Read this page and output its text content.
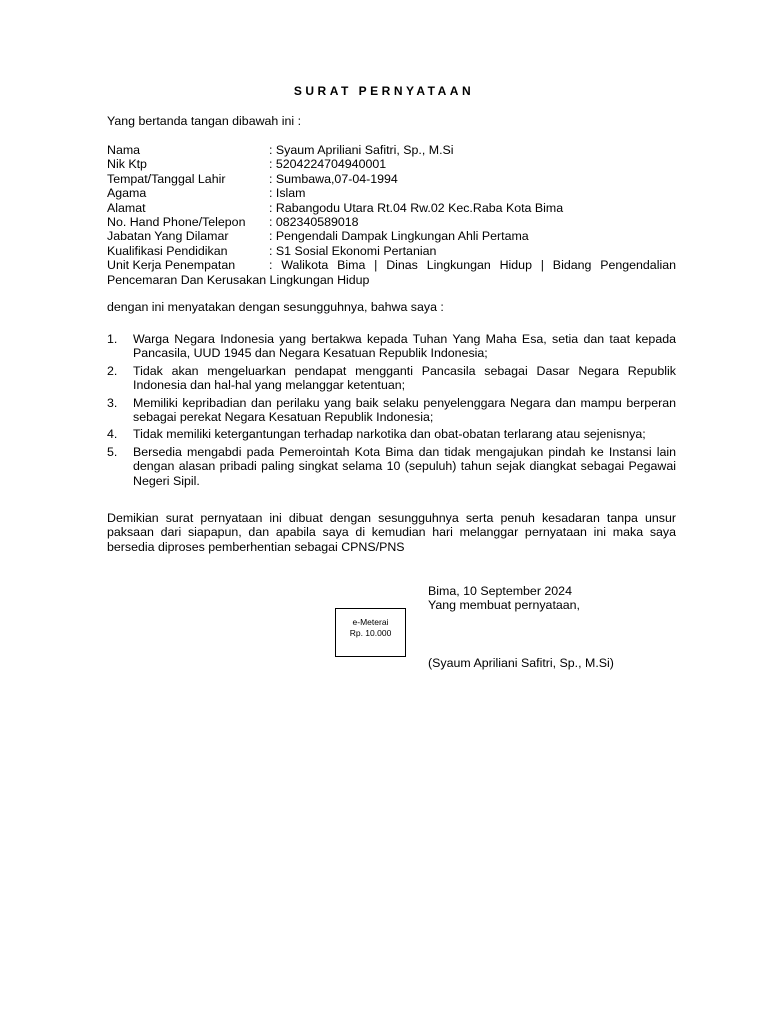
SURAT PERNYATAAN
Yang bertanda tangan dibawah ini :
Nama	: Syaum Apriliani Safitri, Sp., M.Si
Nik Ktp	: 5204224704940001
Tempat/Tanggal Lahir	: Sumbawa,07-04-1994
Agama	: Islam
Alamat	: Rabangodu Utara Rt.04 Rw.02 Kec.Raba Kota Bima
No. Hand Phone/Telepon : 082340589018
Jabatan Yang Dilamar	: Pengendali Dampak Lingkungan Ahli Pertama
Kualifikasi Pendidikan	: S1 Sosial Ekonomi Pertanian
Unit Kerja Penempatan	: Walikota Bima | Dinas Lingkungan Hidup | Bidang Pengendalian
Pencemaran Dan Kerusakan Lingkungan Hidup
dengan ini menyatakan dengan sesungguhnya, bahwa saya :
1. Warga Negara Indonesia yang bertakwa kepada Tuhan Yang Maha Esa, setia dan taat kepada Pancasila, UUD 1945 dan Negara Kesatuan Republik Indonesia;
2. Tidak akan mengeluarkan pendapat mengganti Pancasila sebagai Dasar Negara Republik Indonesia dan hal-hal yang melanggar ketentuan;
3. Memiliki kepribadian dan perilaku yang baik selaku penyelenggara Negara dan mampu berperan sebagai perekat Negara Kesatuan Republik Indonesia;
4. Tidak memiliki ketergantungan terhadap narkotika dan obat-obatan terlarang atau sejenisnya;
5. Bersedia mengabdi pada Pemerointah Kota Bima dan tidak mengajukan pindah ke Instansi lain dengan alasan pribadi paling singkat selama 10 (sepuluh) tahun sejak diangkat sebagai Pegawai Negeri Sipil.
Demikian surat pernyataan ini dibuat dengan sesungguhnya serta penuh kesadaran tanpa unsur paksaan dari siapapun, dan apabila saya di kemudian hari melanggar pernyataan ini maka saya bersedia diproses pemberhentian sebagai CPNS/PNS
Bima, 10 September 2024
Yang membuat pernyataan,
e-Meterai
Rp. 10.000
(Syaum Apriliani Safitri, Sp., M.Si)
